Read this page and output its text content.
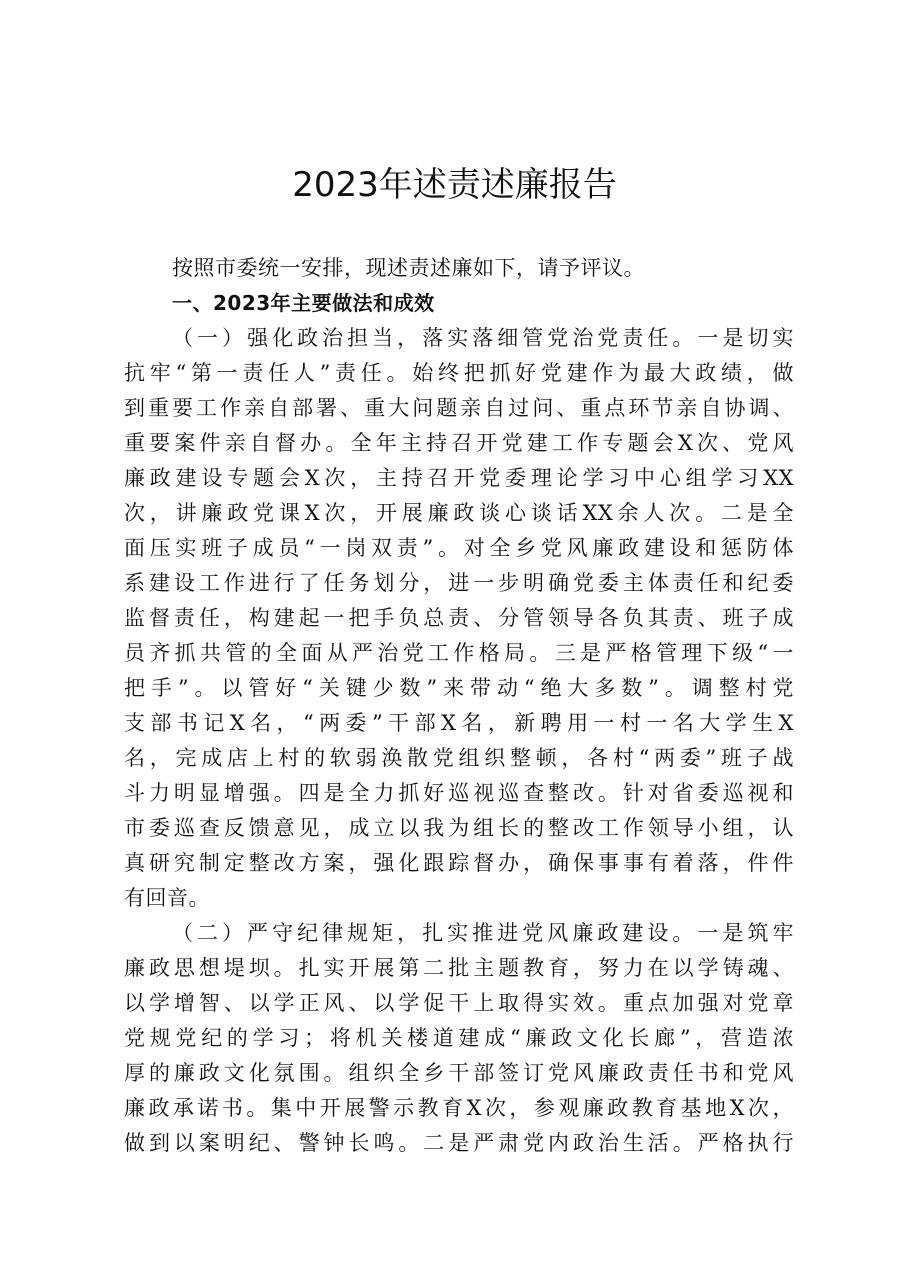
2023年述责述廉报告
按照市委统一安排，现述责述廉如下，请予评议。
一、2023年主要做法和成效
（一）强化政治担当，落实落细管党治党责任。一是切实
抗牢“第一责任人”责任。始终把抓好党建作为最大政绩，做
到重要工作亲自部署、重大问题亲自过问、重点环节亲自协调、
重要案件亲自督办。全年主持召开党建工作专题会X次、党风
廉政建设专题会X次，主持召开党委理论学习中心组学习XX
次，讲廉政党课X次，开展廉政谈心谈话XX余人次。二是全
面压实班子成员“一岗双责”。对全乡党风廉政建设和惩防体
系建设工作进行了任务划分，进一步明确党委主体责任和纪委
监督责任，构建起一把手负总责、分管领导各负其责、班子成
员齐抓共管的全面从严治党工作格局。三是严格管理下级“一
把手”。以管好“关键少数”来带动“绝大多数”。调整村党
支部书记X名，“两委”干部X名，新聘用一村一名大学生X
名，完成店上村的软弱涣散党组织整顿，各村“两委”班子战
斗力明显增强。四是全力抓好巡视巡查整改。针对省委巡视和
市委巡查反馈意见，成立以我为组长的整改工作领导小组，认
真研究制定整改方案，强化跟踪督办，确保事事有着落，件件
有回音。
（二）严守纪律规矩，扎实推进党风廉政建设。一是筑牢
廉政思想堤坝。扎实开展第二批主题教育，努力在以学铸魂、
以学增智、以学正风、以学促干上取得实效。重点加强对党章
党规党纪的学习；将机关楼道建成“廉政文化长廊”，营造浓
厚的廉政文化氛围。组织全乡干部签订党风廉政责任书和党风
廉政承诺书。集中开展警示教育X次，参观廉政教育基地X次，
做到以案明纪、警钟长鸣。二是严肃党内政治生活。严格执行
